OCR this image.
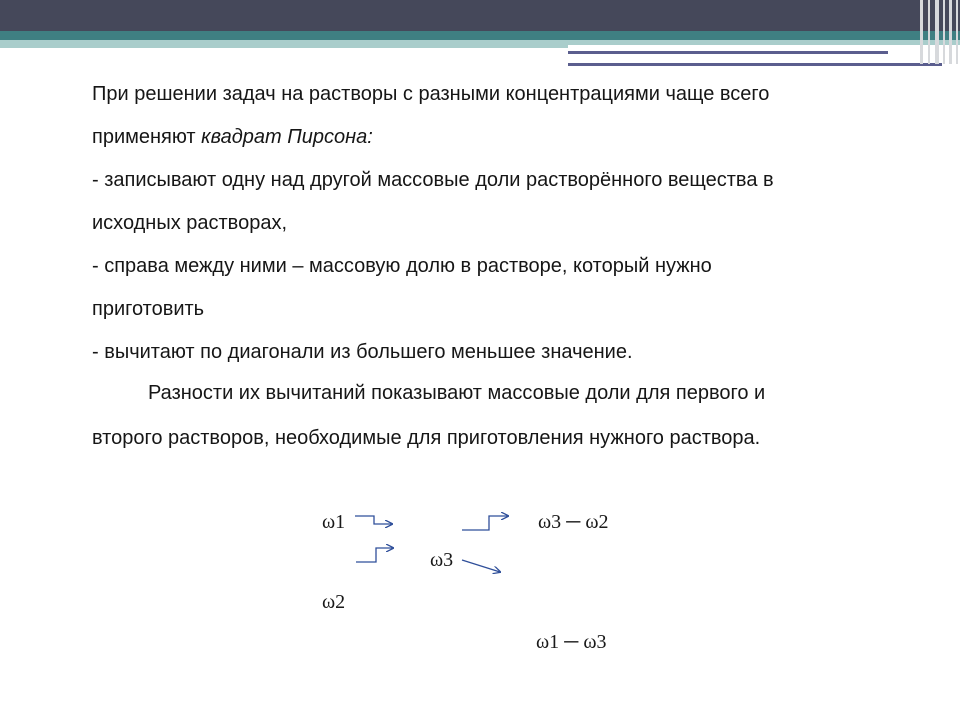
При решении задач на растворы с разными концентрациями чаще всего
применяют квадрат Пирсона:
- записывают одну над другой массовые доли растворённого вещества в
исходных растворах,
- справа между ними – массовую долю в растворе, который нужно
приготовить
- вычитают по диагонали из большего меньшее значение.
Разности их вычитаний показывают массовые доли для первого и
второго растворов, необходимые для приготовления нужного раствора.
ω1	ω3 ─ ω2
ω3
ω2
ω1 ─ ω3
